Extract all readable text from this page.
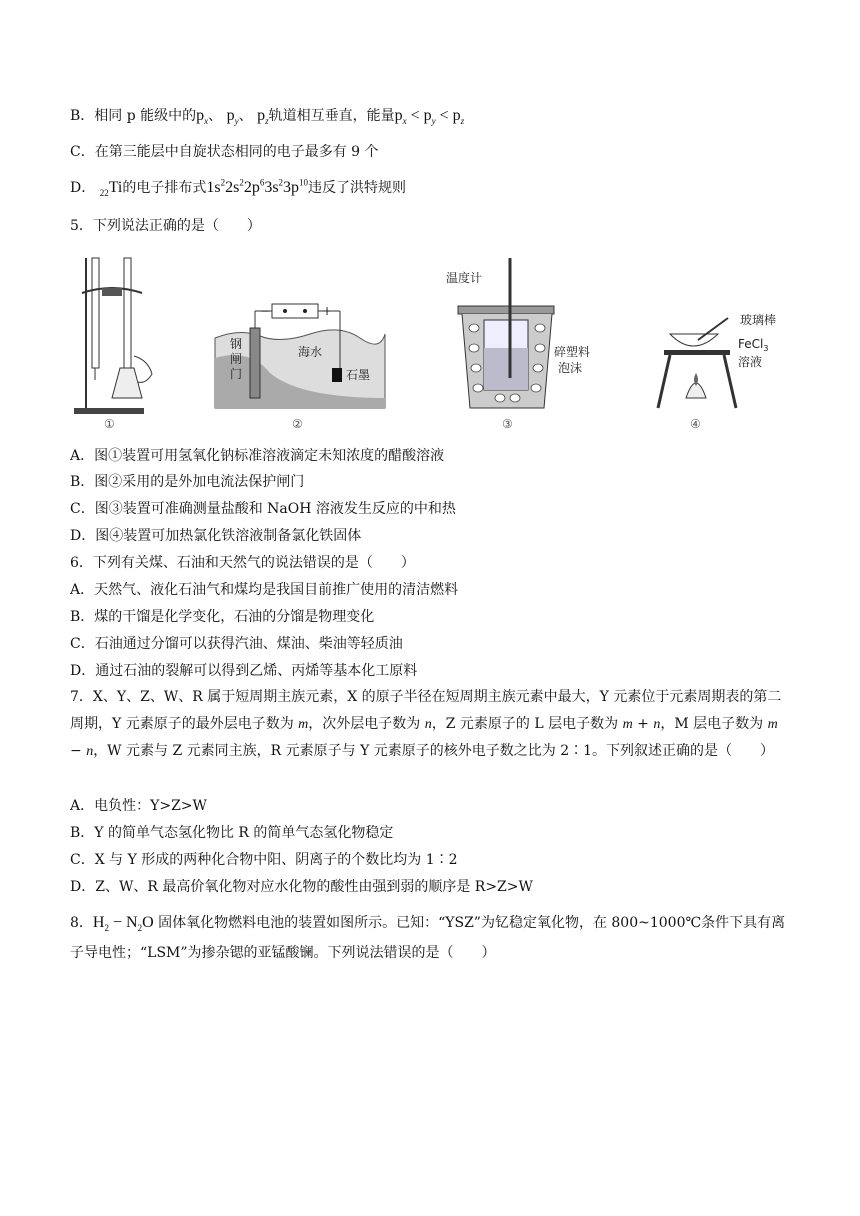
B．相同 p 能级中的$p_x$、 $p_y$、 $p_z$轨道相互垂直，能量$p_x < p_y < p_z$
C．在第三能层中自旋状态相同的电子最多有 9 个
D． $_{22}$Ti的电子排布式$1s^22s^22p^63s^23p^{10}$违反了洪特规则
5．下列说法正确的是（　　）
①
−	+
钢
闸
门
海水
石墨
②
温度计
碎塑料
泡沫
③
玻璃棒
FeCl$_3$
溶液
④
A．图①装置可用氢氧化钠标准溶液滴定未知浓度的醋酸溶液
B．图②采用的是外加电流法保护闸门
C．图③装置可准确测量盐酸和 NaOH 溶液发生反应的中和热
D．图④装置可加热氯化铁溶液制备氯化铁固体
6．下列有关煤、石油和天然气的说法错误的是（　　）
A．天然气、液化石油气和煤均是我国目前推广使用的清洁燃料
B．煤的干馏是化学变化，石油的分馏是物理变化
C．石油通过分馏可以获得汽油、煤油、柴油等轻质油
D．通过石油的裂解可以得到乙烯、丙烯等基本化工原料
7．X、Y、Z、W、R 属于短周期主族元素，X 的原子半径在短周期主族元素中最大，Y 元素位于元素周期表的第二周期，Y 元素原子的最外层电子数为 m，次外层电子数为 n，Z 元素原子的 L 层电子数为 m + n，M 层电子数为 m − n，W 元素与 Z 元素同主族，R 元素原子与 Y 元素原子的核外电子数之比为 2∶1。下列叙述正确的是（　　）
A．电负性：Y>Z>W
B．Y 的简单气态氢化物比 R 的简单气态氢化物稳定
C．X 与 Y 形成的两种化合物中阳、阴离子的个数比均为 1∶2
D．Z、W、R 最高价氧化物对应水化物的酸性由强到弱的顺序是 R>Z>W
8．$H_2 - N_2O$ 固体氧化物燃料电池的装置如图所示。已知：“YSZ”为钇稳定氧化物，在 800~1000℃条件下具有离子导电性；“LSM”为掺杂锶的亚锰酸镧。下列说法错误的是（　　）
